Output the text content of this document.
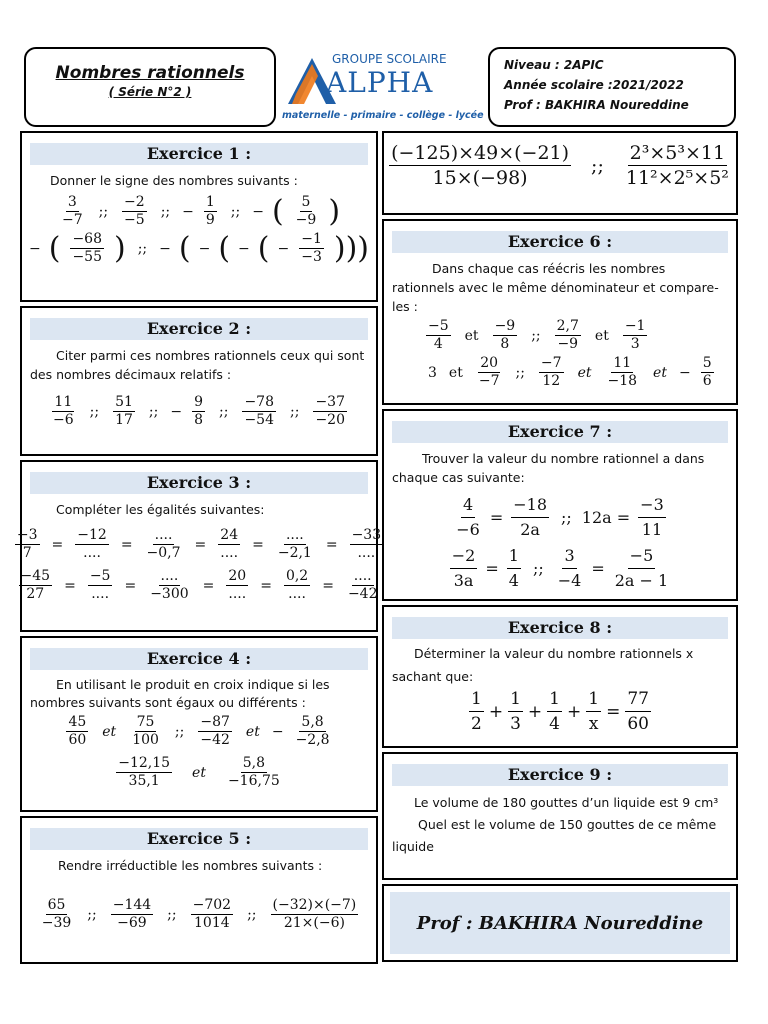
Nombres rationnels
( Série N°2 )
GROUPE SCOLAIRE
ALPHA
maternelle - primaire - collège - lycée
Niveau : 2APIC
Année scolaire :2021/2022
Prof : BAKHIRA Noureddine
Exercice 1 :
Donner le signe des nombres suivants :
$\frac{3}{-7}$ ;; $\frac{-2}{-5}$ ;; − $\frac{1}{9}$ ;; − ( $\frac{5}{-9}$ )
− ( $\frac{-68}{-55}$ ) ;; − ( − ( − ( − $\frac{-1}{-3}$ )))
Exercice 2 :
Citer parmi ces nombres rationnels ceux qui sont des nombres décimaux relatifs :
$\frac{11}{-6}$ ;; $\frac{51}{17}$ ;; − $\frac{9}{8}$ ;; $\frac{-78}{-54}$ ;; $\frac{-37}{-20}$
Exercice 3 :
Compléter les égalités suivantes:
$\frac{-3}{7} = \frac{-12}{....} = \frac{....}{-0,7} = \frac{24}{....} = \frac{....}{-2,1} = \frac{-33}{....}$
$\frac{-45}{27} = \frac{-5}{....} = \frac{....}{-300} = \frac{20}{....} = \frac{0,2}{....} = \frac{....}{-42}$
Exercice 4 :
En utilisant le produit en croix indique si les nombres suivants sont égaux ou différents :
$\frac{45}{60}$ et $\frac{75}{100}$ ;; $\frac{-87}{-42}$ et − $\frac{5,8}{-2,8}$
$\frac{-12,15}{35,1}$ et $\frac{5,8}{-16,75}$
Exercice 5 :
Rendre irréductible les nombres suivants :
$\frac{65}{-39}$ ;; $\frac{-144}{-69}$ ;; $\frac{-702}{1014}$ ;; $\frac{(-32)\times(-7)}{21\times(-6)}$
$\frac{(-125)\times 49\times(-21)}{15\times(-98)}$ ;; $\frac{\text{2³×5³×11}}{\text{11²×2⁵×5²}}$
Exercice 6 :
Dans chaque cas réécris les nombres rationnels avec le même dénominateur et compare-les :
$\frac{-5}{4}$ et $\frac{-9}{8}$ ;; $\frac{2,7}{-9}$ et $\frac{-1}{3}$
3 et $\frac{20}{-7}$ ;; $\frac{-7}{12}$ et $\frac{11}{-18}$ et − $\frac{5}{6}$
Exercice 7 :
Trouver la valeur du nombre rationnel a dans chaque cas suivante:
$\frac{4}{-6} = \frac{-18}{2a}$ ;; $12a = \frac{-3}{11}$
$\frac{-2}{3a} = \frac{1}{4}$ ;; $\frac{3}{-4} = \frac{-5}{2a - 1}$
Exercice 8 :
Déterminer la valeur du nombre rationnels x
sachant que:
$\frac{1}{2} + \frac{1}{3} + \frac{1}{4} + \frac{1}{x} = \frac{77}{60}$
Exercice 9 :
Le volume de 180 gouttes d’un liquide est 9 cm³
Quel est le volume de 150 gouttes de ce même liquide
Prof : BAKHIRA Noureddine
